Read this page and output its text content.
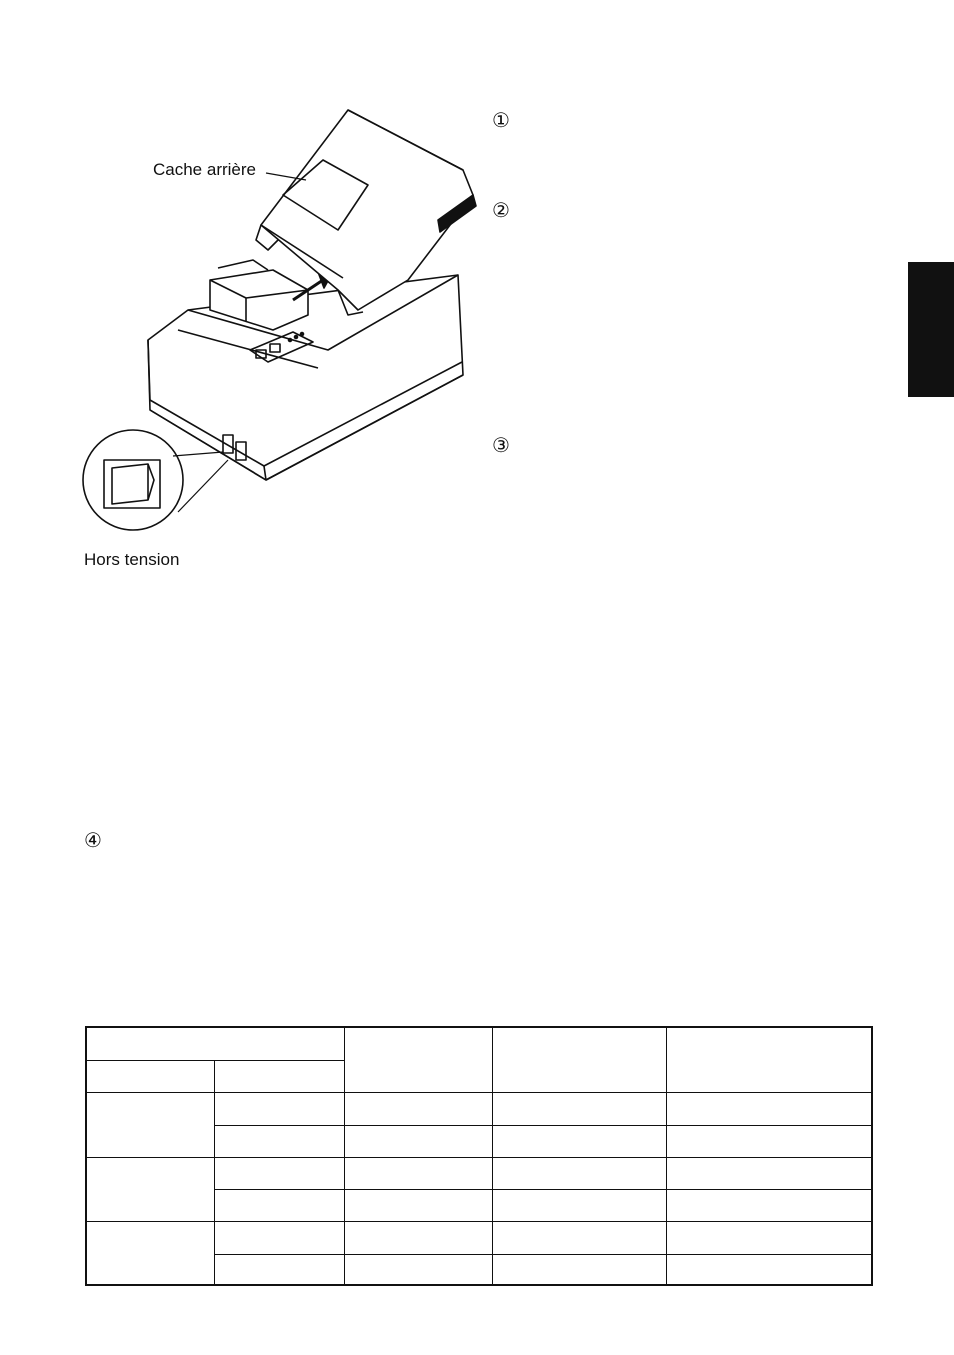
Cache arrière
Hors tension
①
②
③
④
